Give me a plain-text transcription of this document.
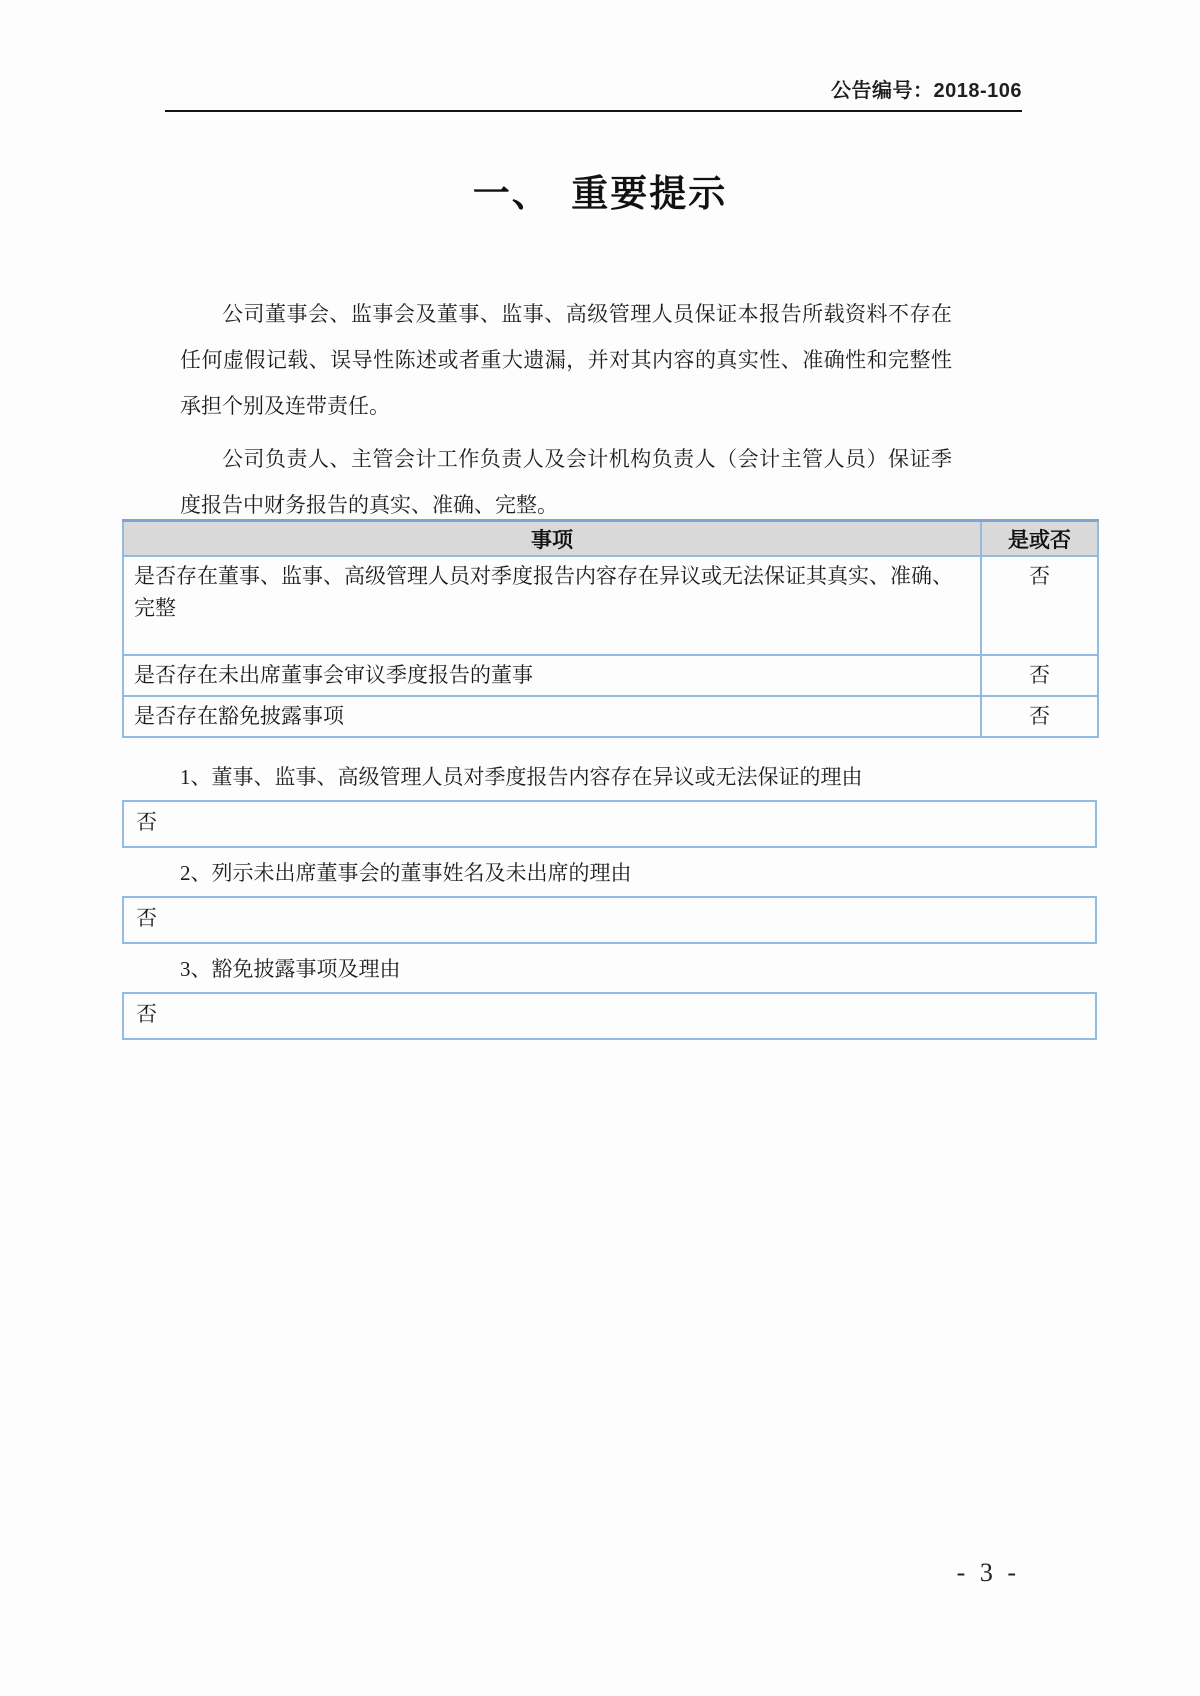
公告编号：2018-106
一、　重要提示

公司董事会、监事会及董事、监事、高级管理人员保证本报告所载资料不存在任何虚假记载、误导性陈述或者重大遗漏，并对其内容的真实性、准确性和完整性承担个别及连带责任。

公司负责人、主管会计工作负责人及会计机构负责人（会计主管人员）保证季度报告中财务报告的真实、准确、完整。

事项	是或否
是否存在董事、监事、高级管理人员对季度报告内容存在异议或无法保证其真实、准确、完整	否
是否存在未出席董事会审议季度报告的董事	否
是否存在豁免披露事项	否
1、董事、监事、高级管理人员对季度报告内容存在异议或无法保证的理由
否
2、列示未出席董事会的董事姓名及未出席的理由
否
3、豁免披露事项及理由
否
- 3 -
